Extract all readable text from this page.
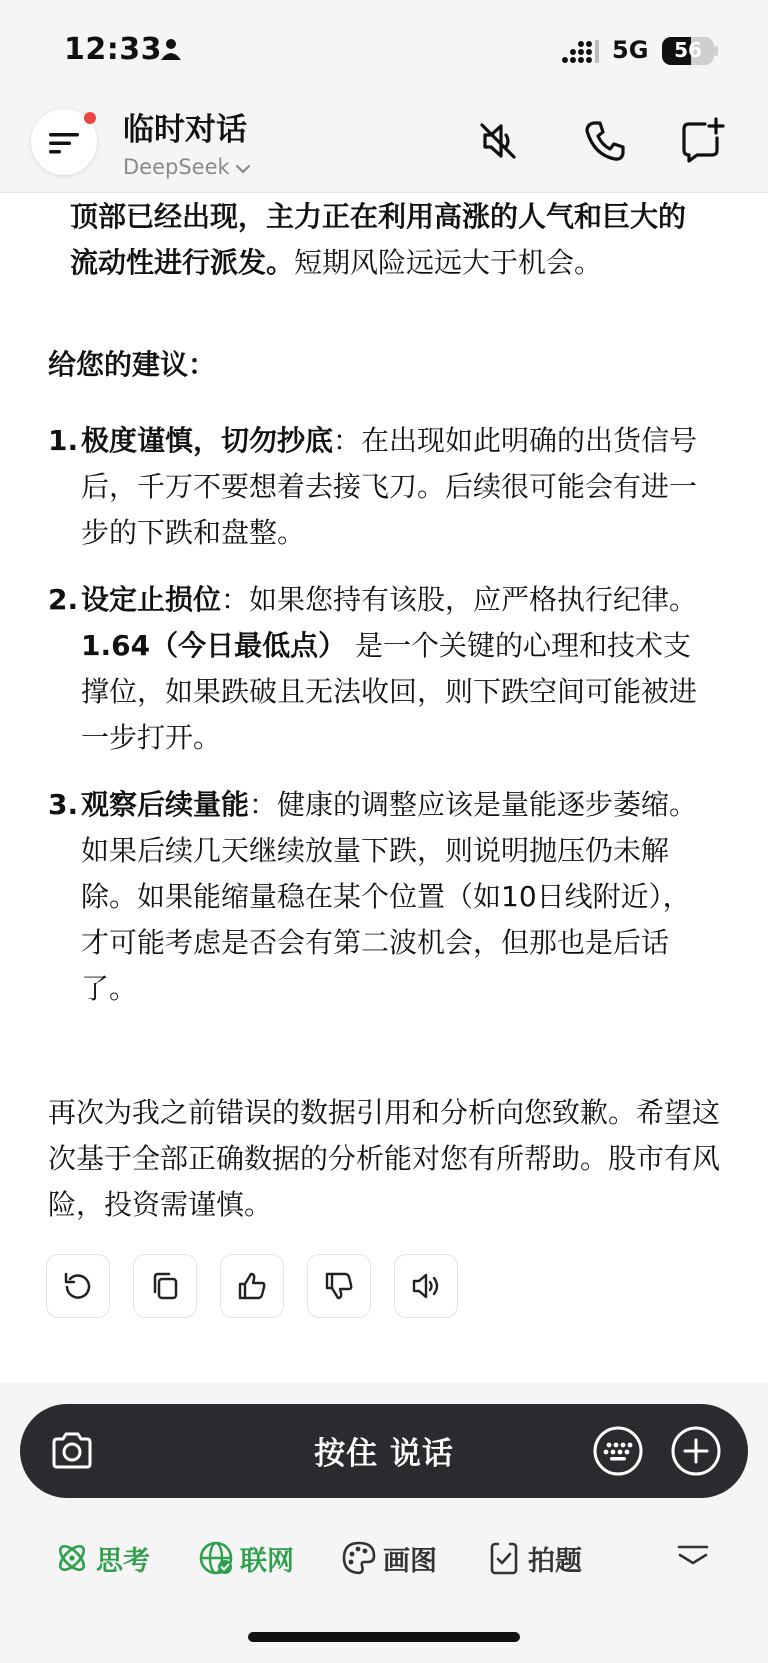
12:33	5G	56
临时对话
DeepSeek
顶部已经出现，主力正在利用高涨的人气和巨大的流动性进行派发。短期风险远远大于机会。
给您的建议：
1. 极度谨慎，切勿抄底：在出现如此明确的出货信号后，千万不要想着去接飞刀。后续很可能会有进一步的下跌和盘整。
2. 设定止损位：如果您持有该股，应严格执行纪律。1.64（今日最低点） 是一个关键的心理和技术支撑位，如果跌破且无法收回，则下跌空间可能被进一步打开。
3. 观察后续量能：健康的调整应该是量能逐步萎缩。如果后续几天继续放量下跌，则说明抛压仍未解除。如果能缩量稳在某个位置（如10日线附近），才可能考虑是否会有第二波机会，但那也是后话了。
再次为我之前错误的数据引用和分析向您致歉。希望这次基于全部正确数据的分析能对您有所帮助。股市有风险，投资需谨慎。
按住 说话
思考	联网	画图	拍题
